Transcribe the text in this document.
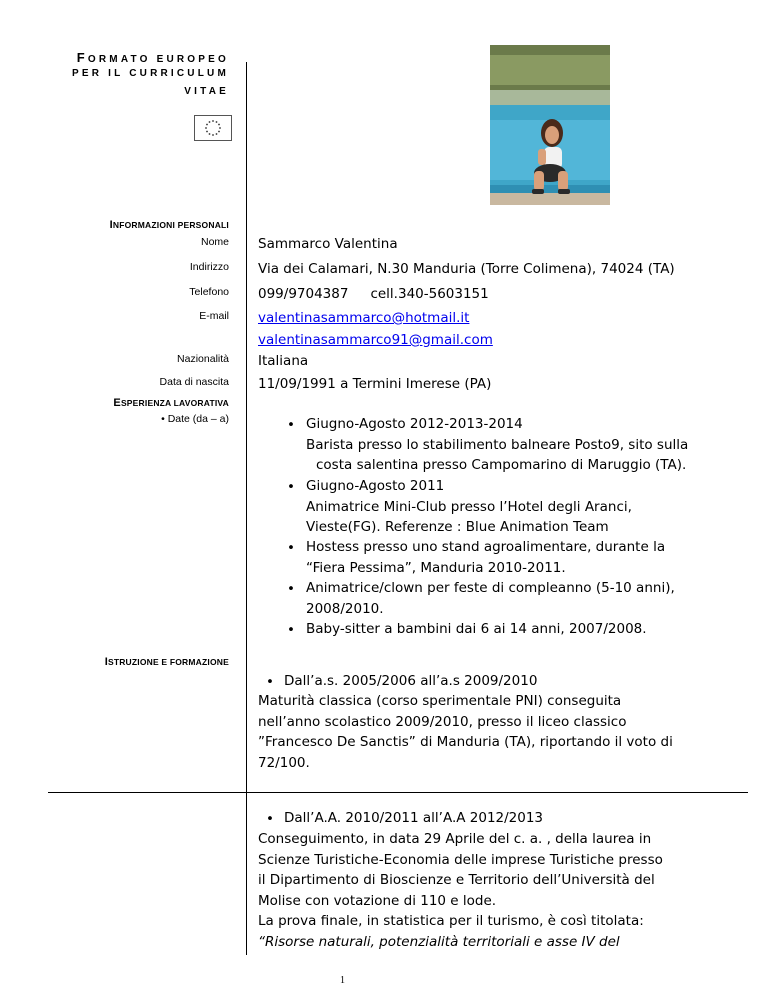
FORMATO EUROPEO
PER IL CURRICULUM
VITAE
INFORMAZIONI PERSONALI
Nome Sammarco Valentina
Indirizzo Via dei Calamari, N.30 Manduria (Torre Colimena), 74024 (TA)
Telefono 099/9704387 cell.340-5603151
E-mail valentinasammarco@hotmail.it
valentinasammarco91@gmail.com
Nazionalità Italiana
Data di nascita 11/09/1991 a Termini Imerese (PA)
ESPERIENZA LAVORATIVA
• Date (da – a)	• Giugno-Agosto 2012-2013-2014
Barista presso lo stabilimento balneare Posto9, sito sulla
costa salentina presso Campomarino di Maruggio (TA).
• Giugno-Agosto 2011
Animatrice Mini-Club presso l’Hotel degli Aranci,
Vieste(FG). Referenze : Blue Animation Team
• Hostess presso uno stand agroalimentare, durante la
“Fiera Pessima”, Manduria 2010-2011.
• Animatrice/clown per feste di compleanno (5-10 anni),
2008/2010.
• Baby-sitter a bambini dai 6 ai 14 anni, 2007/2008.
ISTRUZIONE E FORMAZIONE
• Dall’a.s. 2005/2006 all’a.s 2009/2010
Maturità classica (corso sperimentale PNI) conseguita
nell’anno scolastico 2009/2010, presso il liceo classico
”Francesco De Sanctis” di Manduria (TA), riportando il voto di
72/100.
• Dall’A.A. 2010/2011 all’A.A 2012/2013
Conseguimento, in data 29 Aprile del c. a. , della laurea in
Scienze Turistiche-Economia delle imprese Turistiche presso
il Dipartimento di Bioscienze e Territorio dell’Università del
Molise con votazione di 110 e lode.
La prova finale, in statistica per il turismo, è così titolata:
“Risorse naturali, potenzialità territoriali e asse IV del
1
